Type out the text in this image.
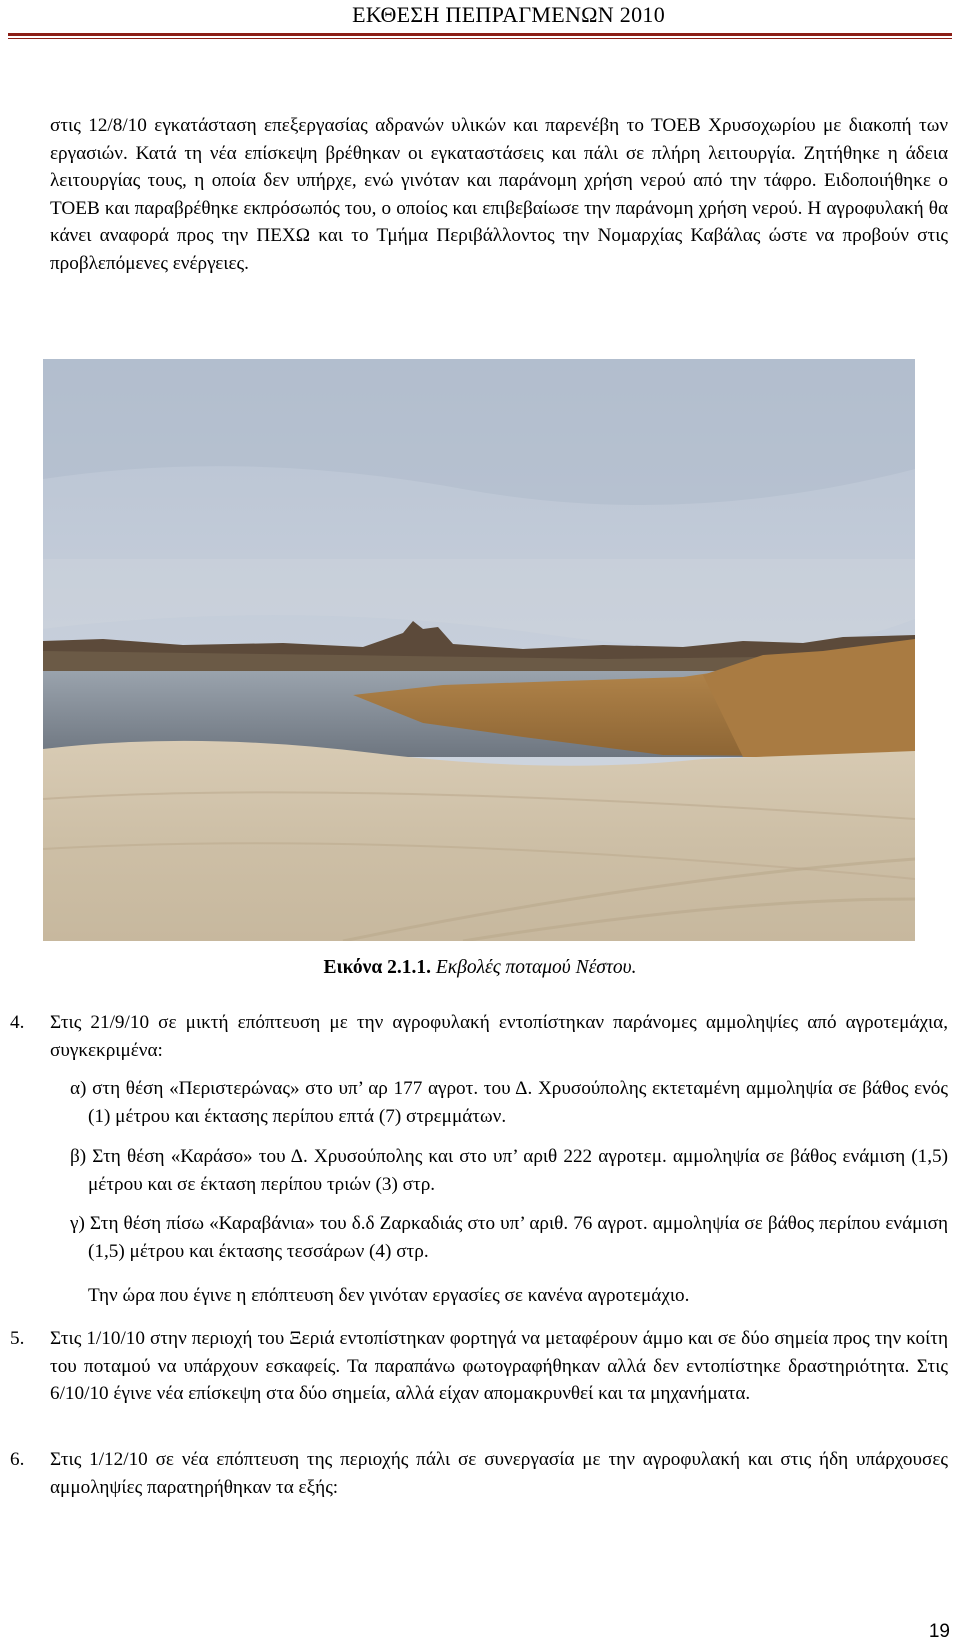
ΕΚΘΕΣΗ ΠΕΠΡΑΓΜΕΝΩΝ 2010

στις 12/8/10 εγκατάσταση επεξεργασίας αδρανών υλικών και παρενέβη το ΤΟΕΒ Χρυσοχωρίου με διακοπή των εργασιών. Κατά τη νέα επίσκεψη βρέθηκαν οι εγκαταστάσεις και πάλι σε πλήρη λειτουργία. Ζητήθηκε η άδεια λειτουργίας τους, η οποία δεν υπήρχε, ενώ γινόταν και παράνομη χρήση νερού από την τάφρο. Ειδοποιήθηκε ο ΤΟΕΒ και παραβρέθηκε εκπρόσωπός του, ο οποίος και επιβεβαίωσε την παράνομη χρήση νερού. Η αγροφυλακή θα κάνει αναφορά προς την ΠΕΧΩ και το Τμήμα Περιβάλλοντος την Νομαρχίας Καβάλας ώστε να προβούν στις προβλεπόμενες ενέργειες.

Εικόνα 2.1.1. Εκβολές ποταμού Νέστου.
4.	Στις 21/9/10 σε μικτή επόπτευση με την αγροφυλακή εντοπίστηκαν παράνομες αμμοληψίες από αγροτεμάχια, συγκεκριμένα:
α) στη θέση «Περιστερώνας» στο υπ’ αρ 177 αγροτ. του Δ. Χρυσούπολης εκτεταμένη αμμοληψία σε βάθος ενός (1) μέτρου και έκτασης περίπου επτά (7) στρεμμάτων.
β) Στη θέση «Καράσο» του Δ. Χρυσούπολης και στο υπ’ αριθ 222 αγροτεμ. αμμοληψία σε βάθος ενάμιση (1,5) μέτρου και σε έκταση περίπου τριών (3) στρ.
γ) Στη θέση πίσω «Καραβάνια» του δ.δ Ζαρκαδιάς στο υπ’ αριθ. 76 αγροτ. αμμοληψία σε βάθος περίπου ενάμιση (1,5) μέτρου και έκτασης τεσσάρων (4) στρ.
Την ώρα που έγινε η επόπτευση δεν γινόταν εργασίες σε κανένα αγροτεμάχιο.
5.	Στις 1/10/10 στην περιοχή του Ξεριά εντοπίστηκαν φορτηγά να μεταφέρουν άμμο και σε δύο σημεία προς την κοίτη του ποταμού να υπάρχουν εσκαφείς. Τα παραπάνω φωτογραφήθηκαν αλλά δεν εντοπίστηκε δραστηριότητα. Στις 6/10/10 έγινε νέα επίσκεψη στα δύο σημεία, αλλά είχαν απομακρυνθεί και τα μηχανήματα.
6.	Στις 1/12/10 σε νέα επόπτευση της περιοχής πάλι σε συνεργασία με την αγροφυλακή και στις ήδη υπάρχουσες αμμοληψίες παρατηρήθηκαν τα εξής:
19
